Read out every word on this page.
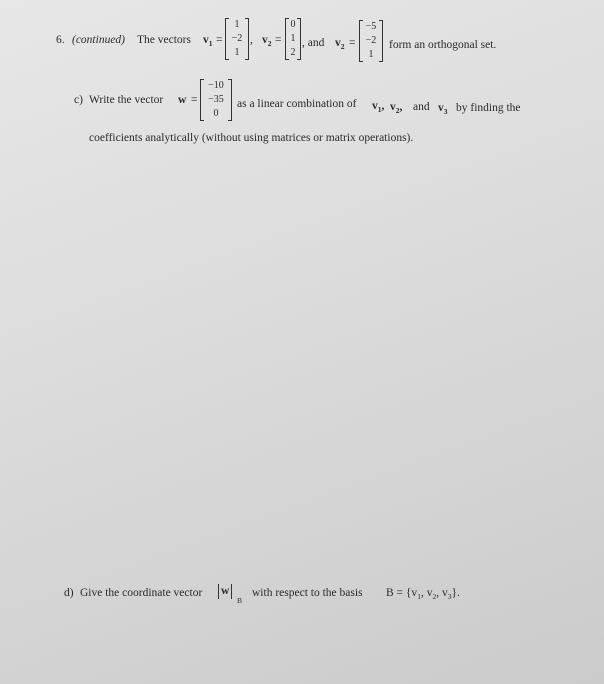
6. (continued) The vectors $v_1$ =
1
−2
1
, $v_2$ =
0
1
2
, and $v_2$ =
−5
−2
1
form an orthogonal set.
c) Write the vector w =
−10
−35
0
as a linear combination of $v_1$, $v_2$, and $v_3$ by finding the
coefficients analytically (without using matrices or matrix operations).
d) Give the coordinate vector w
B
with respect to the basis $B = \{v_1$, $v_2$, $v_3$}.
